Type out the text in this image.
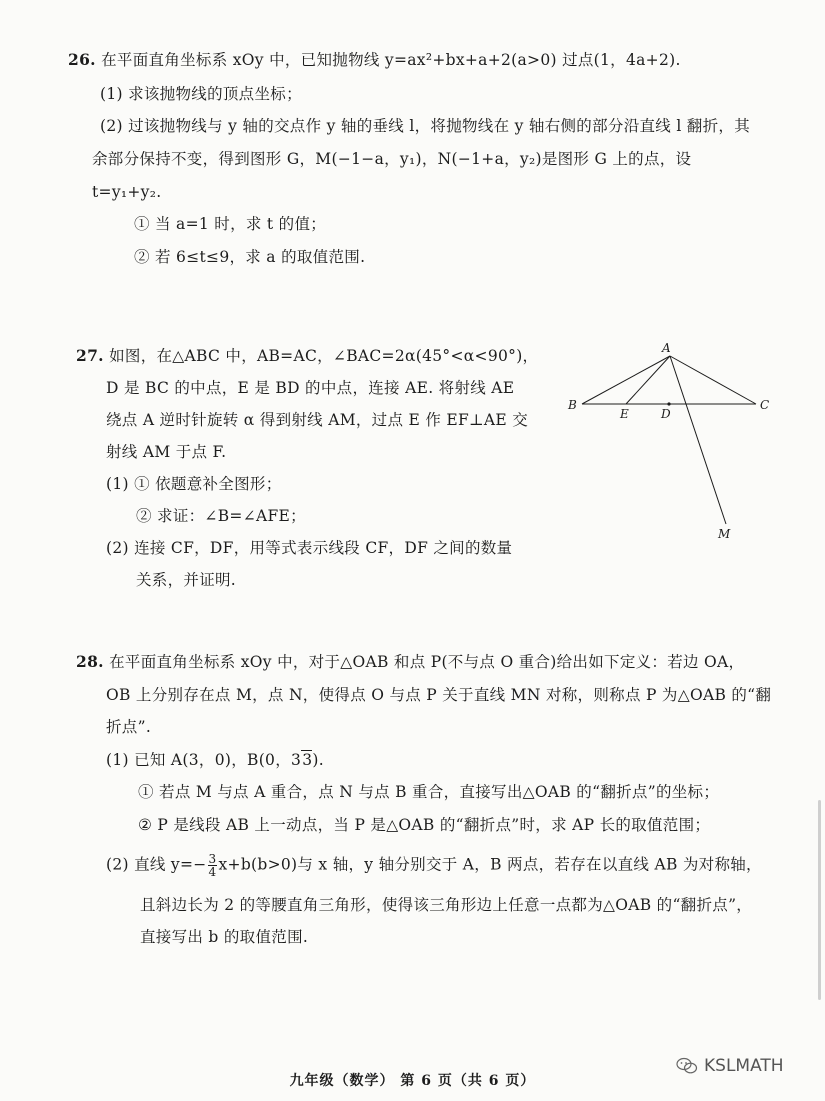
26. 在平面直角坐标系 xOy 中，已知抛物线 y=ax²+bx+a+2(a>0) 过点(1，4a+2).
(1) 求该抛物线的顶点坐标；
(2) 过该抛物线与 y 轴的交点作 y 轴的垂线 l，将抛物线在 y 轴右侧的部分沿直线 l 翻折，其
余部分保持不变，得到图形 G，M(−1−a，y₁)，N(−1+a，y₂)是图形 G 上的点，设
t=y₁+y₂.
① 当 a=1 时，求 t 的值；
② 若 6≤t≤9，求 a 的取值范围.
27. 如图，在△ABC 中，AB=AC，∠BAC=2α(45°<α<90°)，
D 是 BC 的中点，E 是 BD 的中点，连接 AE. 将射线 AE
绕点 A 逆时针旋转 α 得到射线 AM，过点 E 作 EF⊥AE 交
射线 AM 于点 F.
(1) ① 依题意补全图形；
② 求证：∠B=∠AFE；
(2) 连接 CF，DF，用等式表示线段 CF，DF 之间的数量
关系，并证明.
A
B	C
E	D
M
28. 在平面直角坐标系 xOy 中，对于△OAB 和点 P(不与点 O 重合)给出如下定义：若边 OA，
OB 上分别存在点 M，点 N，使得点 O 与点 P 关于直线 MN 对称，则称点 P 为△OAB 的“翻
折点”.
(1) 已知 A(3，0)，B(0，33).
① 若点 M 与点 A 重合，点 N 与点 B 重合，直接写出△OAB 的“翻折点”的坐标；
② P 是线段 AB 上一动点，当 P 是△OAB 的“翻折点”时，求 AP 长的取值范围；
(2) 直线 $y=- \frac{3}{4} x+b(b>0)$与 x 轴，y 轴分别交于 A，B 两点，若存在以直线 AB 为对称轴，
且斜边长为 2 的等腰直角三角形，使得该三角形边上任意一点都为△OAB 的“翻折点”，
直接写出 b 的取值范围.
九年级（数学） 第 6 页（共 6 页）
KSLMATH
